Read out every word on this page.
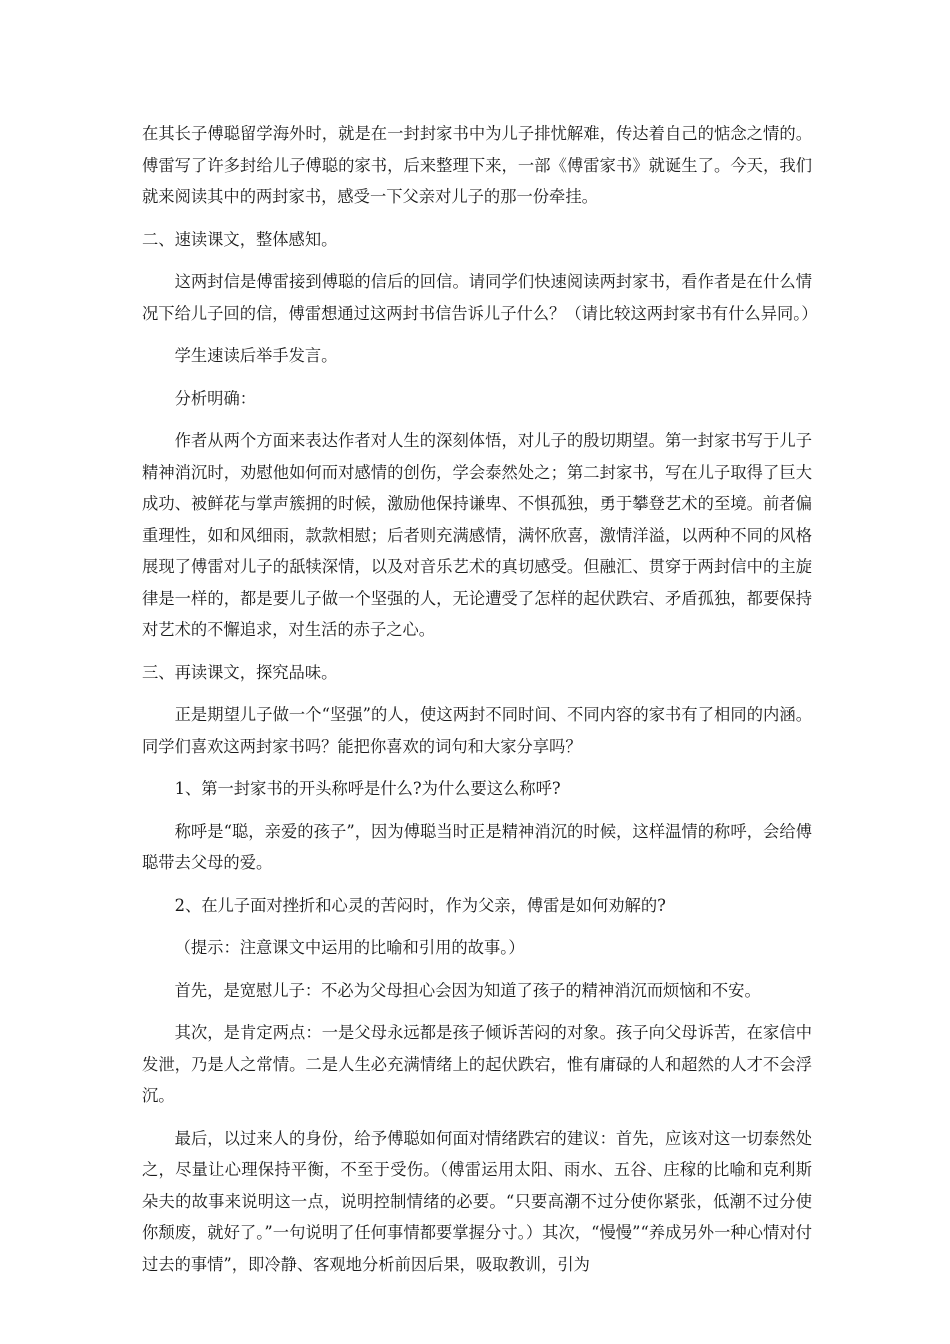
在其长子傅聪留学海外时，就是在一封封家书中为儿子排忧解难，传达着自己的惦念之情的。傅雷写了许多封给儿子傅聪的家书，后来整理下来，一部《傅雷家书》就诞生了。今天，我们就来阅读其中的两封家书，感受一下父亲对儿子的那一份牵挂。

二、速读课文，整体感知。

这两封信是傅雷接到傅聪的信后的回信。请同学们快速阅读两封家书，看作者是在什么情况下给儿子回的信，傅雷想通过这两封书信告诉儿子什么？（请比较这两封家书有什么异同。）

学生速读后举手发言。

分析明确：

作者从两个方面来表达作者对人生的深刻体悟，对儿子的殷切期望。第一封家书写于儿子精神消沉时，劝慰他如何而对感情的创伤，学会泰然处之；第二封家书，写在儿子取得了巨大成功、被鲜花与掌声簇拥的时候，激励他保持谦卑、不惧孤独，勇于攀登艺术的至境。前者偏重理性，如和风细雨，款款相慰；后者则充满感情，满怀欣喜，激情洋溢，以两种不同的风格展现了傅雷对儿子的舐犊深情，以及对音乐艺术的真切感受。但融汇、贯穿于两封信中的主旋律是一样的，都是要儿子做一个坚强的人，无论遭受了怎样的起伏跌宕、矛盾孤独，都要保持对艺术的不懈追求，对生活的赤子之心。

三、再读课文，探究品味。

正是期望儿子做一个“坚强”的人，使这两封不同时间、不同内容的家书有了相同的内涵。同学们喜欢这两封家书吗？能把你喜欢的词句和大家分享吗？

1、第一封家书的开头称呼是什么?为什么要这么称呼?

称呼是“聪，亲爱的孩子”，因为傅聪当时正是精神消沉的时候，这样温情的称呼，会给傅聪带去父母的爱。

2、在儿子面对挫折和心灵的苦闷时，作为父亲，傅雷是如何劝解的?

（提示：注意课文中运用的比喻和引用的故事。）

首先，是宽慰儿子：不必为父母担心会因为知道了孩子的精神消沉而烦恼和不安。

其次，是肯定两点：一是父母永远都是孩子倾诉苦闷的对象。孩子向父母诉苦，在家信中发泄，乃是人之常情。二是人生必充满情绪上的起伏跌宕，惟有庸碌的人和超然的人才不会浮沉。

最后，以过来人的身份，给予傅聪如何面对情绪跌宕的建议：首先，应该对这一切泰然处之，尽量让心理保持平衡，不至于受伤。（傅雷运用太阳、雨水、五谷、庄稼的比喻和克利斯朵夫的故事来说明这一点，说明控制情绪的必要。“只要高潮不过分使你紧张，低潮不过分使你颓废，就好了。”一句说明了任何事情都要掌握分寸。）其次，“慢慢”“养成另外一种心情对付过去的事情”，即冷静、客观地分析前因后果，吸取教训，引为
